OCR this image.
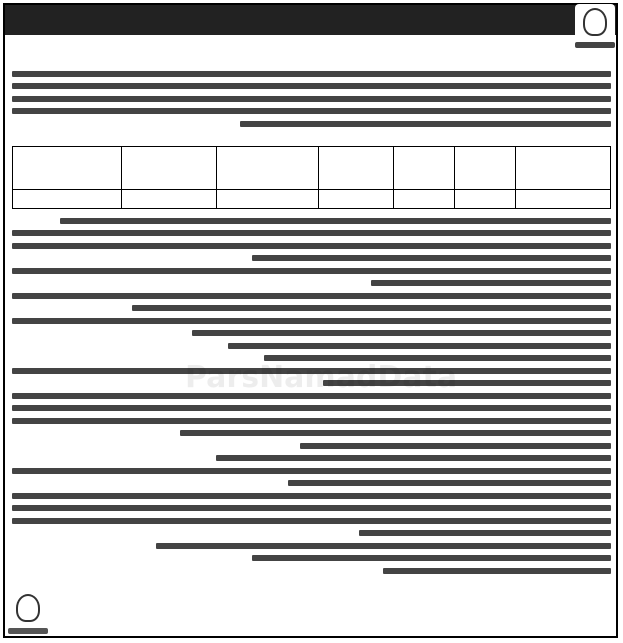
ParsNamadData
